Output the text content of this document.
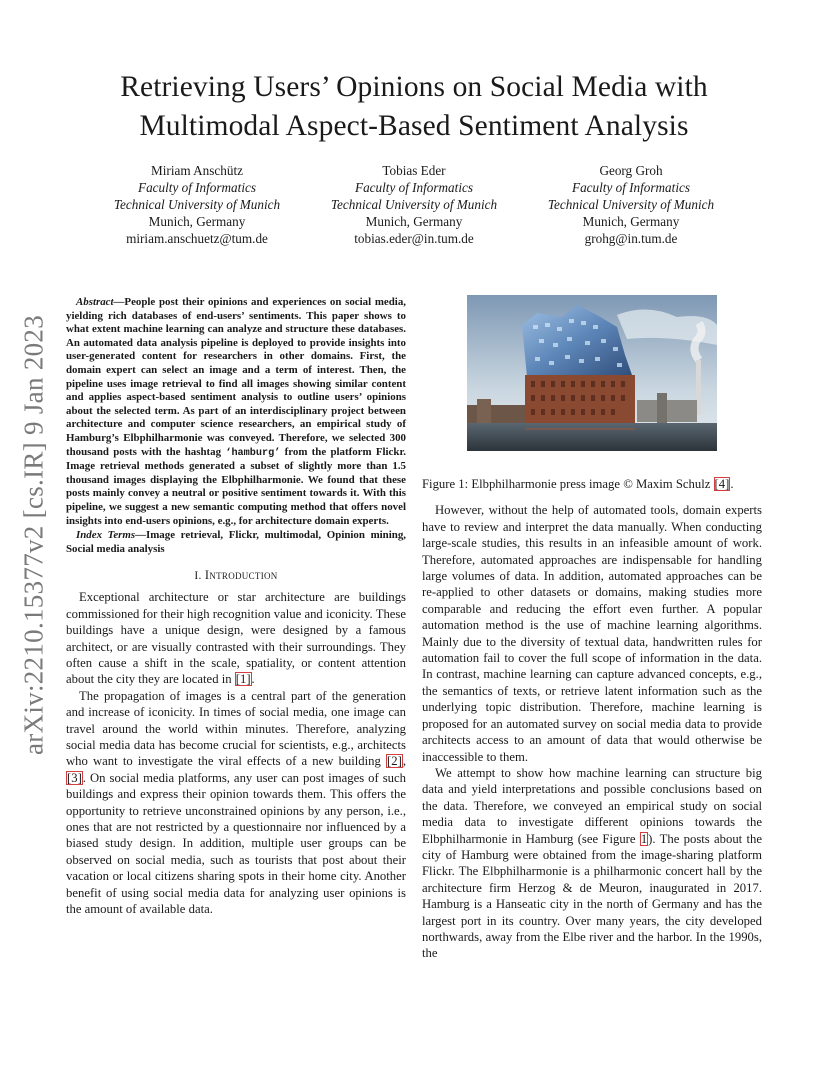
Retrieving Users’ Opinions on Social Media with
Multimodal Aspect-Based Sentiment Analysis
Miriam Anschütz
Faculty of Informatics
Technical University of Munich
Munich, Germany
miriam.anschuetz@tum.de
Tobias Eder
Faculty of Informatics
Technical University of Munich
Munich, Germany
tobias.eder@in.tum.de
Georg Groh
Faculty of Informatics
Technical University of Munich
Munich, Germany
grohg@in.tum.de
arXiv:2210.15377v2 [cs.IR] 9 Jan 2023

Abstract—People post their opinions and experiences on social media, yielding rich databases of end-users’ sentiments. This paper shows to what extent machine learning can analyze and structure these databases. An automated data analysis pipeline is deployed to provide insights into user-generated content for researchers in other domains. First, the domain expert can select an image and a term of interest. Then, the pipeline uses image retrieval to find all images showing similar content and applies aspect-based sentiment analysis to outline users’ opinions about the selected term. As part of an interdisciplinary project between architecture and computer science researchers, an empirical study of Hamburg’s Elbphilharmonie was conveyed. Therefore, we selected 300 thousand posts with the hashtag ‘hamburg’ from the platform Flickr. Image retrieval methods generated a subset of slightly more than 1.5 thousand images displaying the Elbphilharmonie. We found that these posts mainly convey a neutral or positive sentiment towards it. With this pipeline, we suggest a new semantic computing method that offers novel insights into end-users opinions, e.g., for architecture domain experts.

Index Terms—Image retrieval, Flickr, multimodal, Opinion mining, Social media analysis

I. Introduction

Exceptional architecture or star architecture are buildings commissioned for their high recognition value and iconicity. These buildings have a unique design, were designed by a famous architect, or are visually contrasted with their surroundings. They often cause a shift in the scale, spatiality, or content attention about the city they are located in [1].

The propagation of images is a central part of the generation and increase of iconicity. In times of social media, one image can travel around the world within minutes. Therefore, analyzing social media data has become crucial for scientists, e.g., architects who want to investigate the viral effects of a new building [2], [3]. On social media platforms, any user can post images of such buildings and express their opinion towards them. This offers the opportunity to retrieve unconstrained opinions by any person, i.e., ones that are not restricted by a questionnaire nor influenced by a biased study design. In addition, multiple user groups can be observed on social media, such as tourists that post about their vacation or local citizens sharing spots in their home city. Another benefit of using social media data for analyzing user opinions is the amount of available data.

Figure 1: Elbphilharmonie press image © Maxim Schulz [4].

However, without the help of automated tools, domain experts have to review and interpret the data manually. When conducting large-scale studies, this results in an infeasible amount of work. Therefore, automated approaches are indispensable for handling large volumes of data. In addition, automated approaches can be re-applied to other datasets or domains, making studies more comparable and reducing the effort even further. A popular automation method is the use of machine learning algorithms. Mainly due to the diversity of textual data, handwritten rules for automation fail to cover the full scope of information in the data. In contrast, machine learning can capture advanced concepts, e.g., the semantics of texts, or retrieve latent information such as the underlying topic distribution. Therefore, machine learning is proposed for an automated survey on social media data to provide architects access to an amount of data that would otherwise be inaccessible to them.

We attempt to show how machine learning can structure big data and yield interpretations and possible conclusions based on the data. Therefore, we conveyed an empirical study on social media data to investigate different opinions towards the Elbphilharmonie in Hamburg (see Figure 1). The posts about the city of Hamburg were obtained from the image-sharing platform Flickr. The Elbphilharmonie is a philharmonic concert hall by the architecture firm Herzog & de Meuron, inaugurated in 2017. Hamburg is a Hanseatic city in the north of Germany and has the largest port in its country. Over many years, the city developed northwards, away from the Elbe river and the harbor. In the 1990s, the
